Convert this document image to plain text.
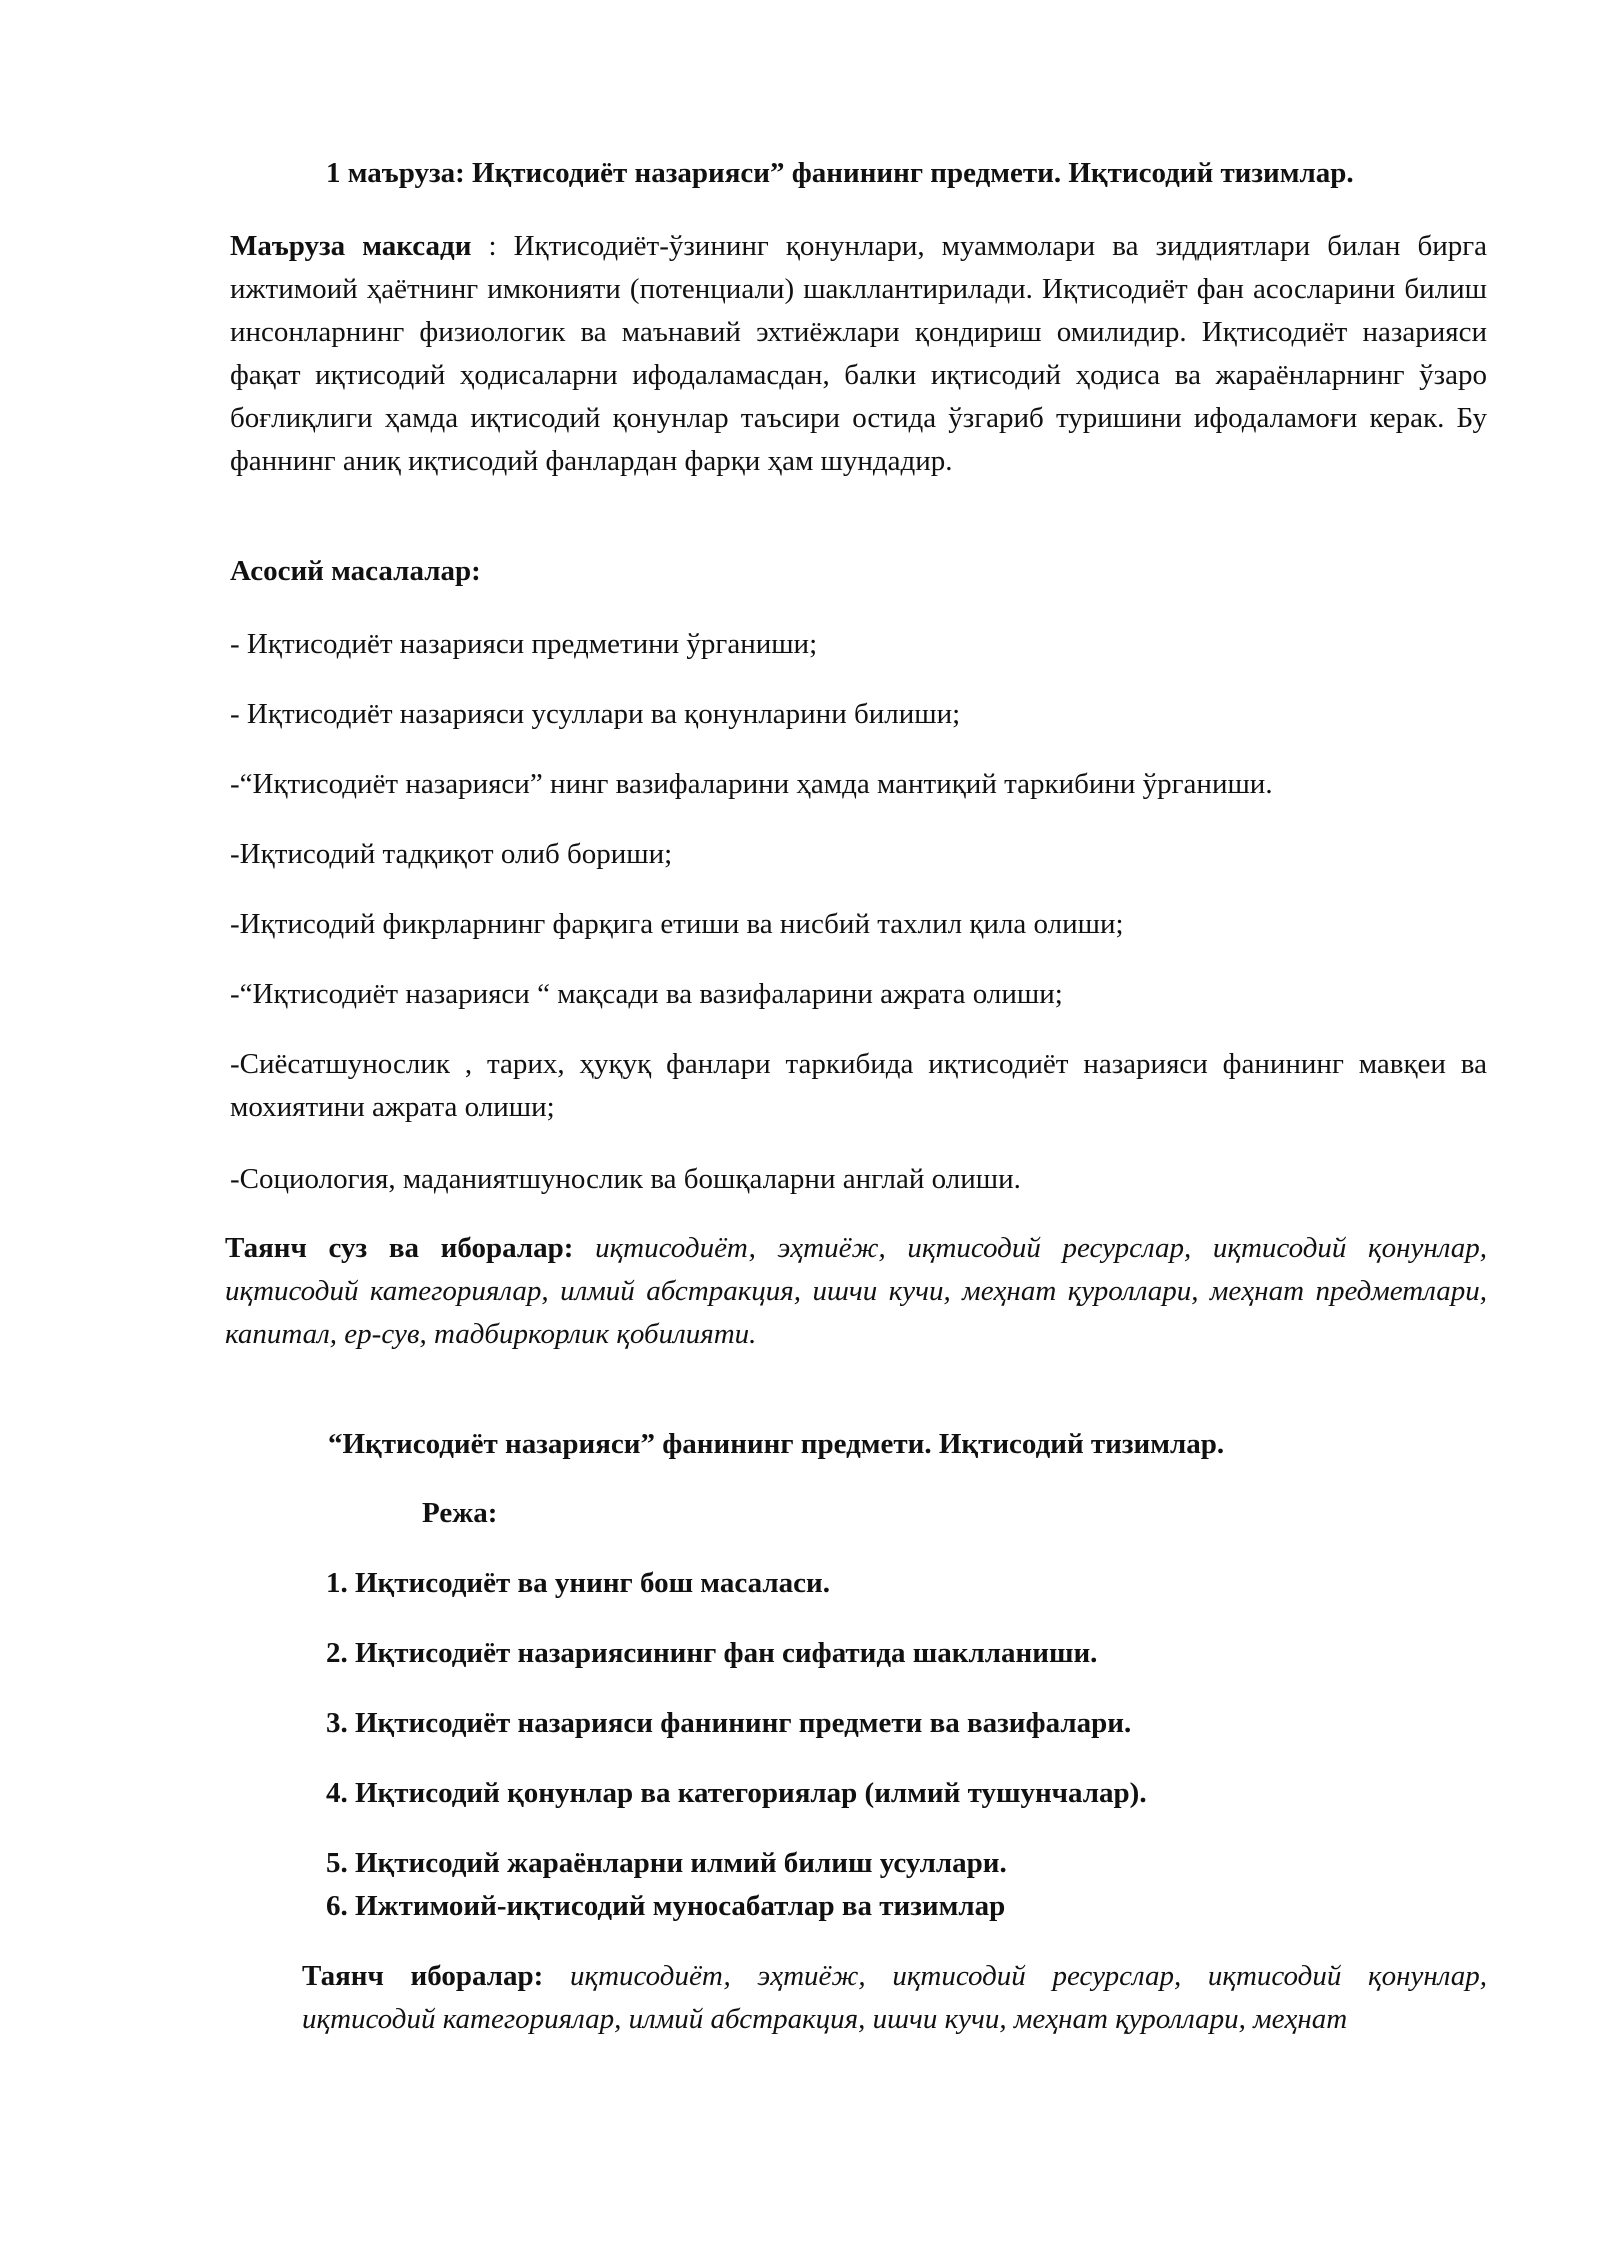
1 маъруза: Иқтисодиёт назарияси” фанининг предмети. Иқтисодий тизимлар.

Маъруза максади : Иқтисодиёт-ўзининг қонунлари, муаммолари ва зиддиятлари билан бирга ижтимоий ҳаётнинг имконияти (потенциали) шакллантирилади. Иқтисодиёт фан асосларини билиш инсонларнинг физиологик ва маънавий эхтиёжлари қондириш омилидир. Иқтисодиёт назарияси фақат иқтисодий ҳодисаларни ифодаламасдан, балки иқтисодий ҳодиса ва жараёнларнинг ўзаро боғлиқлиги ҳамда иқтисодий қонунлар таъсири остида ўзгариб туришини ифодаламоғи керак. Бу фаннинг аниқ иқтисодий фанлардан фарқи ҳам шундадир.

Асосий масалалар:

- Иқтисодиёт назарияси предметини ўрганиши;

- Иқтисодиёт назарияси усуллари ва қонунларини билиши;

-“Иқтисодиёт назарияси” нинг вазифаларини ҳамда мантиқий таркибини ўрганиши.

-Иқтисодий тадқиқот олиб бориши;

-Иқтисодий фикрларнинг фарқига етиши ва нисбий тахлил қила олиши;

-“Иқтисодиёт назарияси “ мақсади ва вазифаларини ажрата олиши;

-Сиёсатшунослик , тарих, ҳуқуқ фанлари таркибида иқтисодиёт назарияси фанининг мавқеи ва мохиятини ажрата олиши;

-Социология, маданиятшунослик ва бошқаларни англай олиши.

Таянч суз ва иборалар: иқтисодиёт, эҳтиёж, иқтисодий ресурслар, иқтисодий қонунлар, иқтисодий категориялар, илмий абстракция, ишчи кучи, меҳнат қуроллари, меҳнат предметлари, капитал, ер-сув, тадбиркорлик қобилияти.

“Иқтисодиёт назарияси” фанининг предмети. Иқтисодий тизимлар.

Режа:

1. Иқтисодиёт ва унинг бош масаласи.

2. Иқтисодиёт назариясининг фан сифатида шаклланиши.

3. Иқтисодиёт назарияси фанининг предмети ва вазифалари.

4. Иқтисодий қонунлар ва категориялар (илмий тушунчалар).

5. Иқтисодий жараёнларни илмий билиш усуллари.

6. Ижтимоий-иқтисодий муносабатлар ва тизимлар

Таянч иборалар: иқтисодиёт, эҳтиёж, иқтисодий ресурслар, иқтисодий қонунлар, иқтисодий категориялар, илмий абстракция, ишчи кучи, меҳнат қуроллари, меҳнат
